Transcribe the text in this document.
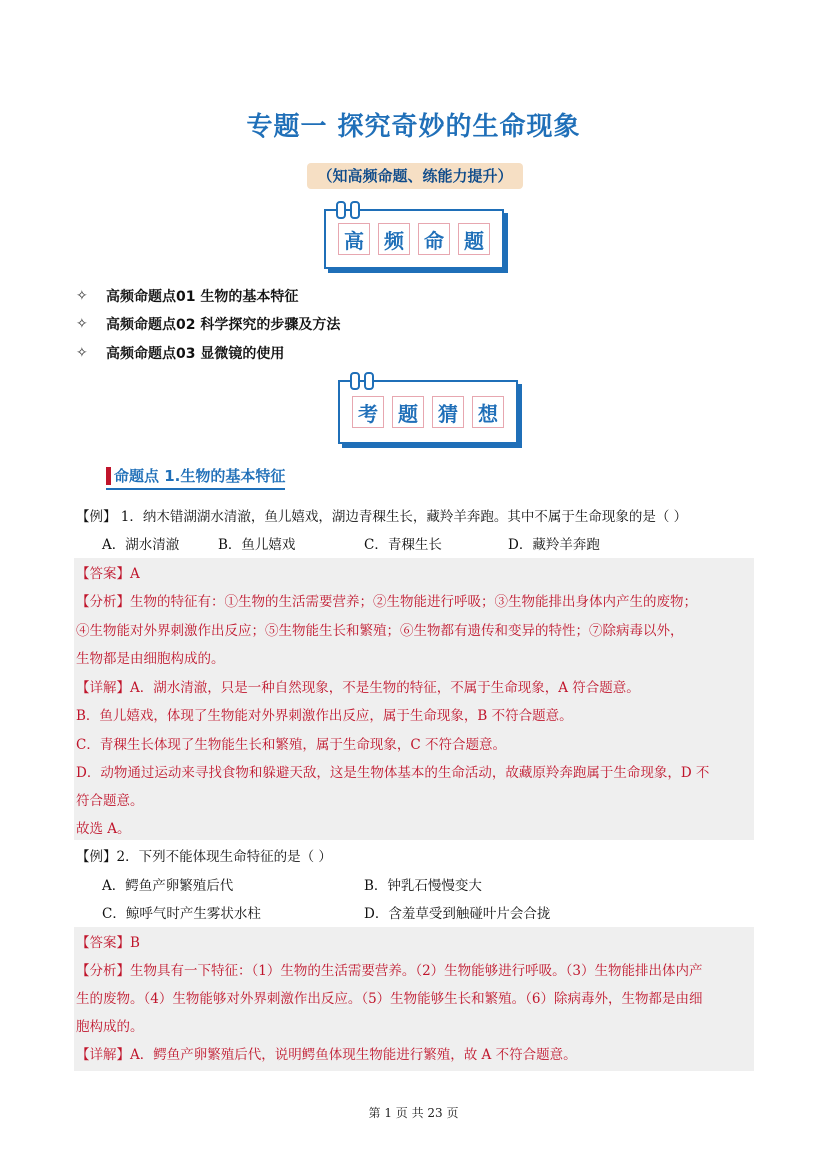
专题一 探究奇妙的生命现象
（知高频命题、练能力提升）
高	频	命	题
✧	高频命题点01 生物的基本特征
✧	高频命题点02 科学探究的步骤及方法
✧	高频命题点03 显微镜的使用
考	题	猜	想
命题点 1.生物的基本特征
【例】 1．纳木错湖湖水清澈，鱼儿嬉戏，湖边青稞生长，藏羚羊奔跑。其中不属于生命现象的是（ ）
A．湖水清澈	B．鱼儿嬉戏	C．青稞生长	D．藏羚羊奔跑
【答案】A
【分析】生物的特征有：①生物的生活需要营养；②生物能进行呼吸；③生物能排出身体内产生的废物；
④生物能对外界刺激作出反应；⑤生物能生长和繁殖；⑥生物都有遗传和变异的特性；⑦除病毒以外，
生物都是由细胞构成的。
【详解】A．湖水清澈，只是一种自然现象，不是生物的特征，不属于生命现象，A 符合题意。
B．鱼儿嬉戏，体现了生物能对外界刺激作出反应，属于生命现象，B 不符合题意。
C．青稞生长体现了生物能生长和繁殖，属于生命现象，C 不符合题意。
D．动物通过运动来寻找食物和躲避天敌，这是生物体基本的生命活动，故藏原羚奔跑属于生命现象，D 不
符合题意。
故选 A。
【例】2．下列不能体现生命特征的是（ ）
A．鳄鱼产卵繁殖后代	B．钟乳石慢慢变大
C．鲸呼气时产生雾状水柱	D．含羞草受到触碰叶片会合拢
【答案】B
【分析】生物具有一下特征：（1）生物的生活需要营养。（2）生物能够进行呼吸。（3）生物能排出体内产
生的废物。（4）生物能够对外界刺激作出反应。（5）生物能够生长和繁殖。（6）除病毒外，生物都是由细
胞构成的。
【详解】A．鳄鱼产卵繁殖后代，说明鳄鱼体现生物能进行繁殖，故 A 不符合题意。
第 1 页 共 23 页
